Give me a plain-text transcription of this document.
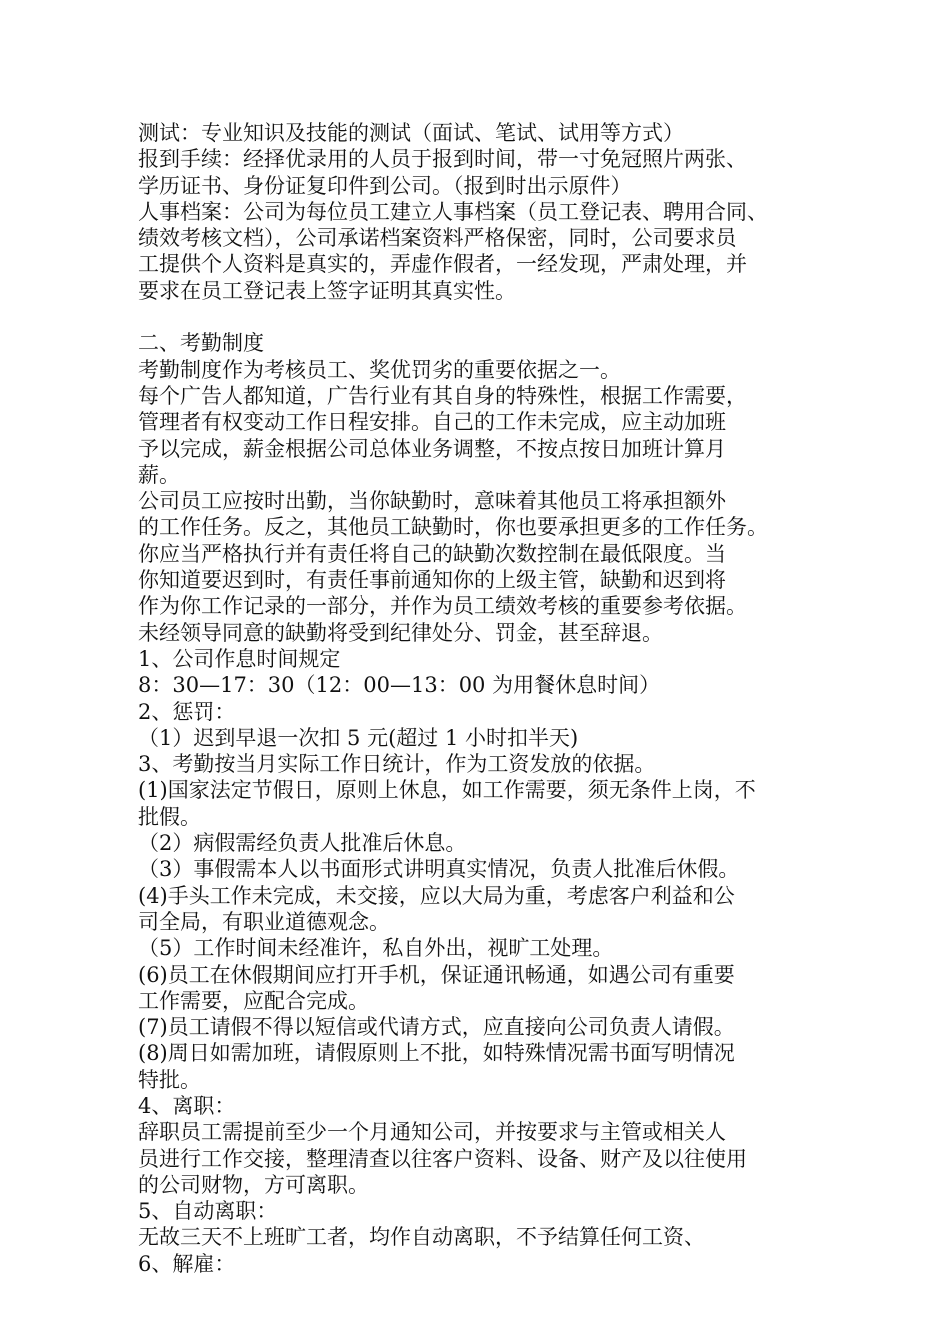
测试：专业知识及技能的测试（面试、笔试、试用等方式）
报到手续：经择优录用的人员于报到时间，带一寸免冠照片两张、
学历证书、身份证复印件到公司。（报到时出示原件）
人事档案：公司为每位员工建立人事档案（员工登记表、聘用合同、
绩效考核文档），公司承诺档案资料严格保密，同时，公司要求员
工提供个人资料是真实的，弄虚作假者，一经发现，严肃处理，并
要求在员工登记表上签字证明其真实性。
二、考勤制度
考勤制度作为考核员工、奖优罚劣的重要依据之一。
每个广告人都知道，广告行业有其自身的特殊性，根据工作需要，
管理者有权变动工作日程安排。自己的工作未完成，应主动加班
予以完成，薪金根据公司总体业务调整，不按点按日加班计算月
薪。
公司员工应按时出勤，当你缺勤时，意味着其他员工将承担额外
的工作任务。反之，其他员工缺勤时，你也要承担更多的工作任务。
你应当严格执行并有责任将自己的缺勤次数控制在最低限度。当
你知道要迟到时，有责任事前通知你的上级主管，缺勤和迟到将
作为你工作记录的一部分，并作为员工绩效考核的重要参考依据。
未经领导同意的缺勤将受到纪律处分、罚金，甚至辞退。
1、公司作息时间规定
8：30—17：30（12：00—13：00 为用餐休息时间）
2、惩罚：
（1）迟到早退一次扣 5 元(超过 1 小时扣半天)
3、考勤按当月实际工作日统计，作为工资发放的依据。
(1)国家法定节假日，原则上休息，如工作需要，须无条件上岗，不
批假。
（2）病假需经负责人批准后休息。
（3）事假需本人以书面形式讲明真实情况，负责人批准后休假。
(4)手头工作未完成，未交接，应以大局为重，考虑客户利益和公
司全局，有职业道德观念。
（5）工作时间未经准许，私自外出，视旷工处理。
(6)员工在休假期间应打开手机，保证通讯畅通，如遇公司有重要
工作需要，应配合完成。
(7)员工请假不得以短信或代请方式，应直接向公司负责人请假。
(8)周日如需加班，请假原则上不批，如特殊情况需书面写明情况
特批。
4、离职：
辞职员工需提前至少一个月通知公司，并按要求与主管或相关人
员进行工作交接，整理清查以往客户资料、设备、财产及以往使用
的公司财物，方可离职。
5、自动离职：
无故三天不上班旷工者，均作自动离职，不予结算任何工资、
6、解雇：
